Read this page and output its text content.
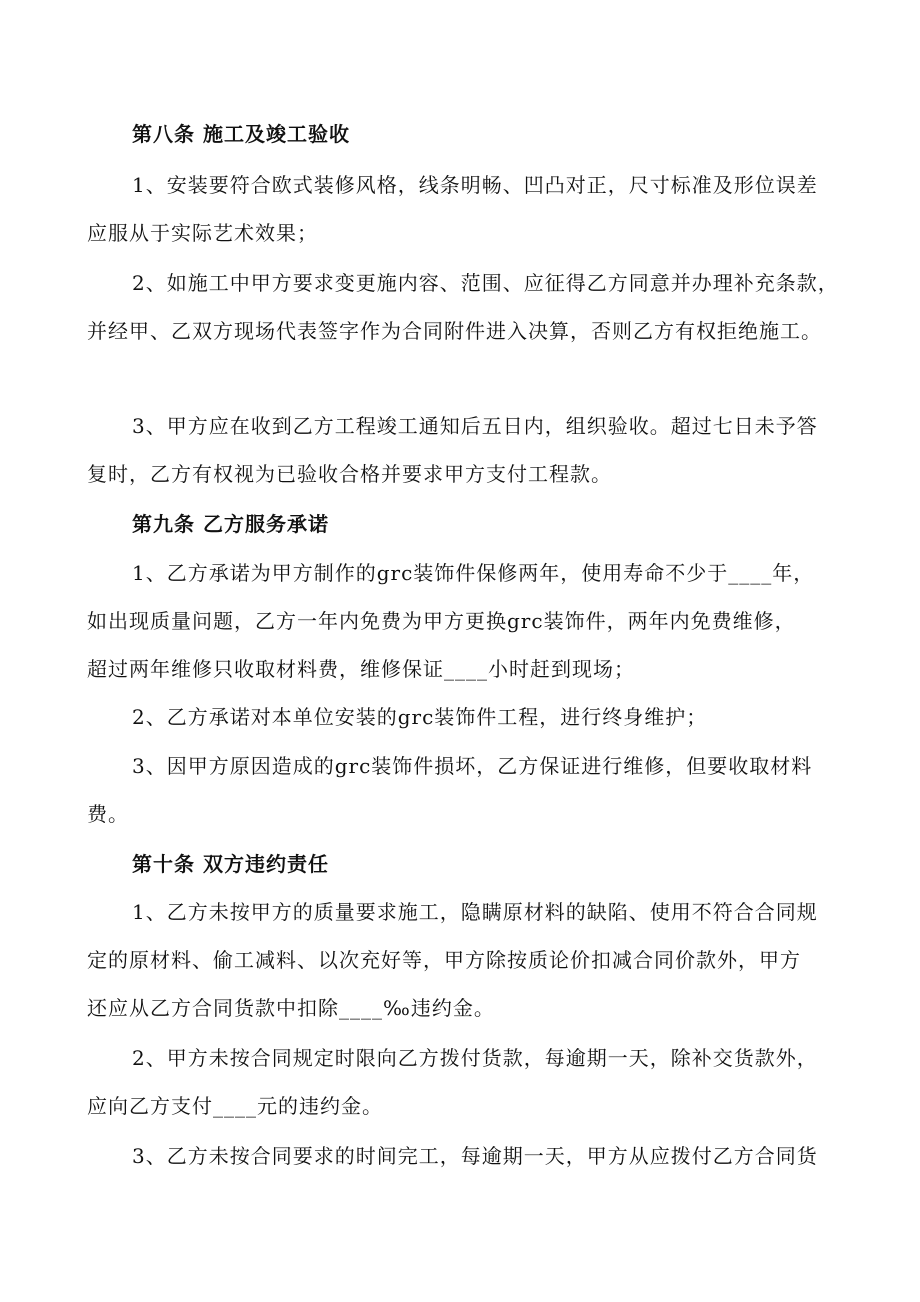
第八条 施工及竣工验收
1、安装要符合欧式装修风格，线条明畅、凹凸对正，尺寸标准及形位误差
应服从于实际艺术效果；
2、如施工中甲方要求变更施内容、范围、应征得乙方同意并办理补充条款，
并经甲、乙双方现场代表签字作为合同附件进入决算，否则乙方有权拒绝施工。
3、甲方应在收到乙方工程竣工通知后五日内，组织验收。超过七日未予答
复时，乙方有权视为已验收合格并要求甲方支付工程款。
第九条 乙方服务承诺
1、乙方承诺为甲方制作的grc装饰件保修两年，使用寿命不少于____年，
如出现质量问题，乙方一年内免费为甲方更换grc装饰件，两年内免费维修，
超过两年维修只收取材料费，维修保证____小时赶到现场；
2、乙方承诺对本单位安装的grc装饰件工程，进行终身维护；
3、因甲方原因造成的grc装饰件损坏，乙方保证进行维修，但要收取材料
费。
第十条 双方违约责任
1、乙方未按甲方的质量要求施工，隐瞒原材料的缺陷、使用不符合合同规
定的原材料、偷工减料、以次充好等，甲方除按质论价扣减合同价款外，甲方
还应从乙方合同货款中扣除____‰违约金。
2、甲方未按合同规定时限向乙方拨付货款，每逾期一天，除补交货款外，
应向乙方支付____元的违约金。
3、乙方未按合同要求的时间完工，每逾期一天，甲方从应拨付乙方合同货
